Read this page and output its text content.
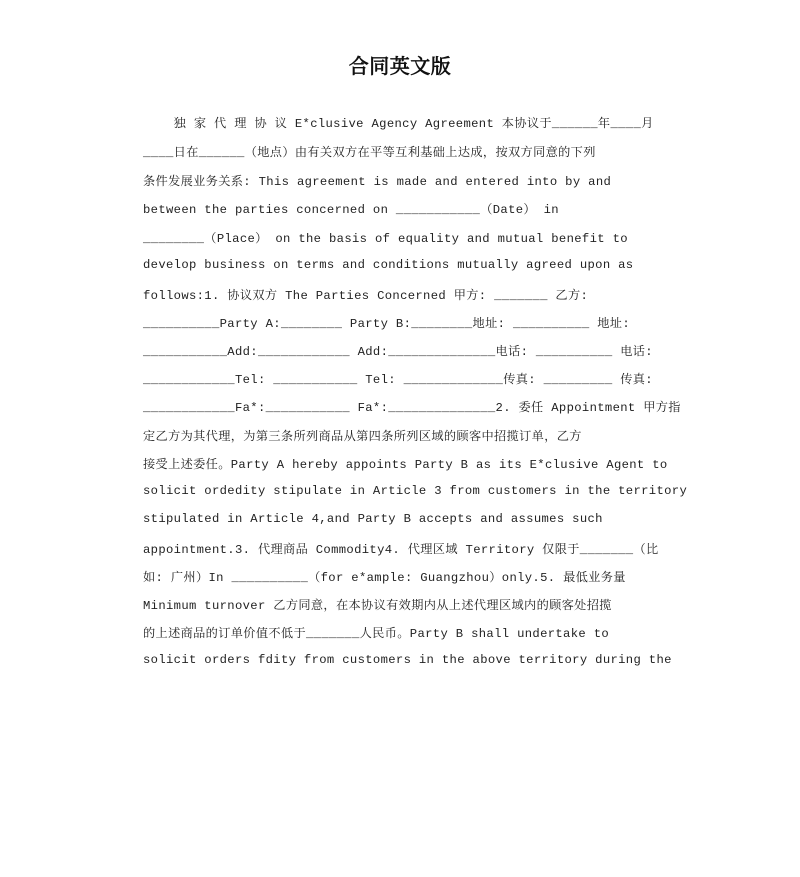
合同英文版
独 家 代 理 协 议 E*clusive Agency Agreement 本协议于______年____月
____日在______（地点）由有关双方在平等互利基础上达成，按双方同意的下列
条件发展业务关系: This agreement is made and entered into by and
between the parties concerned on ___________（Date） in
________（Place） on the basis of equality and mutual benefit to
develop business on terms and conditions mutually agreed upon as
follows:1. 协议双方 The Parties Concerned 甲方: _______ 乙方:
__________Party A:________ Party B:________地址: __________ 地址:
___________Add:____________ Add:______________电话: __________ 电话:
____________Tel: ___________ Tel: _____________传真: _________ 传真:
____________Fa*:___________ Fa*:______________2. 委任 Appointment 甲方指
定乙方为其代理，为第三条所列商品从第四条所列区域的顾客中招揽订单，乙方
接受上述委任。Party A hereby appoints Party B as its E*clusive Agent to
solicit ordedity stipulate in Article 3 from customers in the territory
stipulated in Article 4,and Party B accepts and assumes such
appointment.3. 代理商品 Commodity4. 代理区域 Territory 仅限于_______（比
如: 广州）In __________（for e*ample: Guangzhou）only.5. 最低业务量
Minimum turnover 乙方同意，在本协议有效期内从上述代理区域内的顾客处招揽
的上述商品的订单价值不低于_______人民币。Party B shall undertake to
solicit orders fdity from customers in the above territory during the
